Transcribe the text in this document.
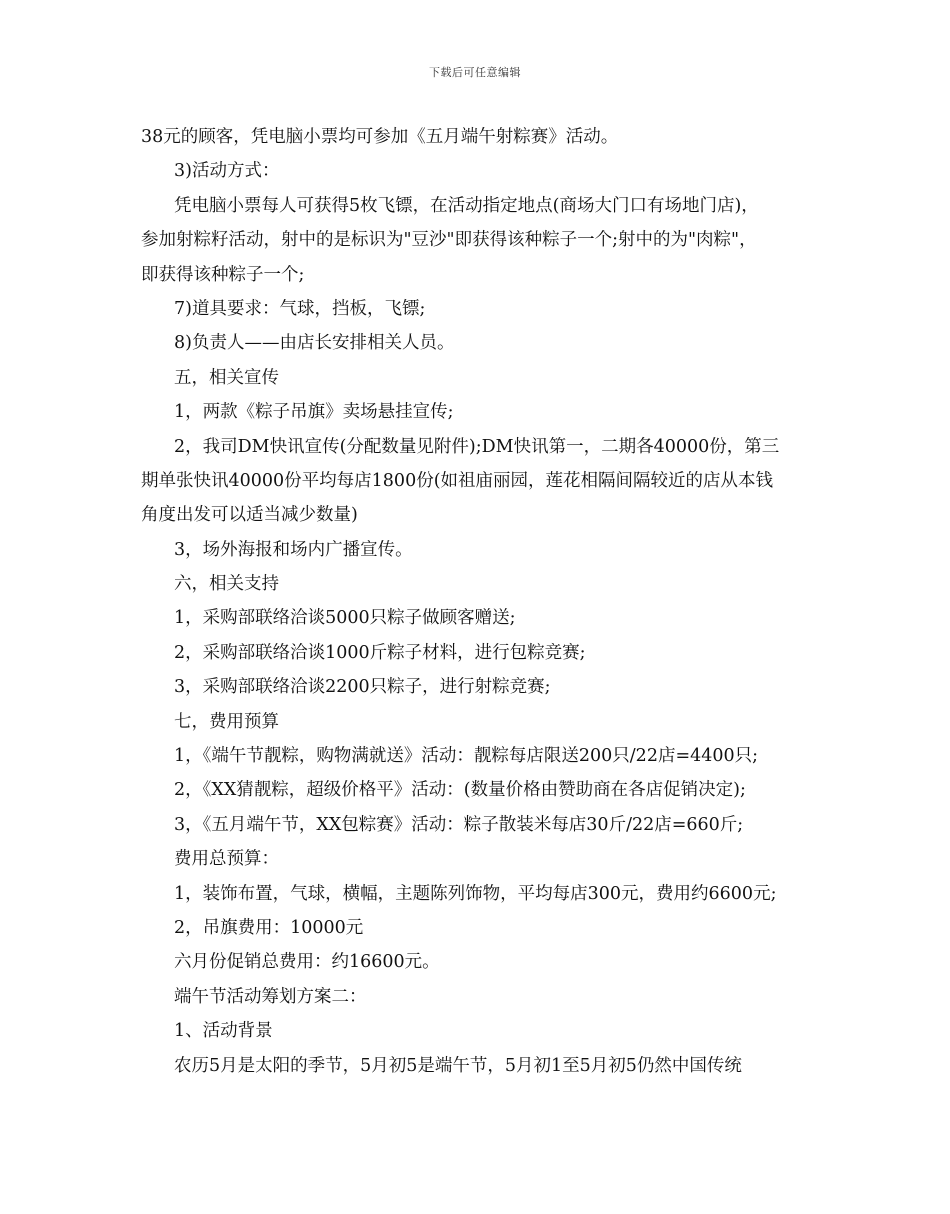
下载后可任意编辑
38元的顾客，凭电脑小票均可参加《五月端午射粽赛》活动。
3)活动方式：
凭电脑小票每人可获得5枚飞镖，在活动指定地点(商场大门口有场地门店)，
参加射粽籽活动，射中的是标识为"豆沙"即获得该种粽子一个;射中的为"肉粽"，
即获得该种粽子一个;
7)道具要求：气球，挡板，飞镖;
8)负责人——由店长安排相关人员。
五，相关宣传
1，两款《粽子吊旗》卖场悬挂宣传;
2，我司DM快讯宣传(分配数量见附件);DM快讯第一，二期各40000份，第三
期单张快讯40000份平均每店1800份(如祖庙丽园，莲花相隔间隔较近的店从本钱
角度出发可以适当减少数量)
3，场外海报和场内广播宣传。
六，相关支持
1，采购部联络洽谈5000只粽子做顾客赠送;
2，采购部联络洽谈1000斤粽子材料，进行包粽竞赛;
3，采购部联络洽谈2200只粽子，进行射粽竞赛;
七，费用预算
1，《端午节靓粽，购物满就送》活动：靓粽每店限送200只/22店=4400只;
2，《XX猜靓粽，超级价格平》活动：(数量价格由赞助商在各店促销决定);
3，《五月端午节，XX包粽赛》活动：粽子散装米每店30斤/22店=660斤;
费用总预算：
1，装饰布置，气球，横幅，主题陈列饰物，平均每店300元，费用约6600元;
2，吊旗费用：10000元
六月份促销总费用：约16600元。
端午节活动筹划方案二：
1、活动背景
农历5月是太阳的季节，5月初5是端午节，5月初1至5月初5仍然中国传统
